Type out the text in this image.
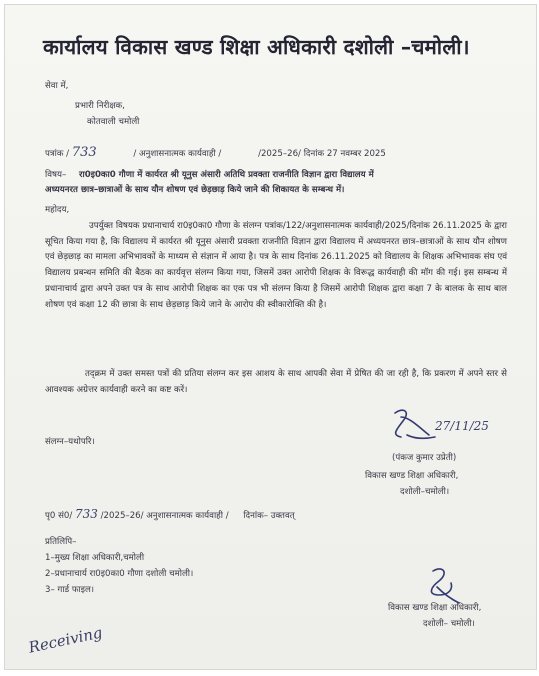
कार्यालय विकास खण्ड शिक्षा अधिकारी दशोली –चमोली।
सेवा में,
प्रभारी निरीक्षक,
कोतवाली चमोली
पत्रांक / 733	/ अनुशासनात्मक कार्यवाही /	/2025–26/ दिनांक 27 नवम्बर 2025
विषय– रा0इ0का0 गौणा में कार्यरत श्री यूनुस अंसारी अतिथि प्रवक्ता राजनीति विज्ञान द्वारा विद्यालय में
अध्ययनरत छात्र–छात्राओं के साथ यौन शोषण एवं छेड़छाड़ किये जाने की शिकायत के सम्बन्ध में।
महोदय,
उपर्युक्त विषयक प्रधानाचार्य रा0इ0का0 गौणा के संलग्न पत्रांक/122/अनुशासनात्मक कार्यवाही/2025/दिनांक 26.11.2025 के द्वारा सूचित किया गया है, कि विद्यालय में कार्यरत श्री यूनुस अंसारी प्रवक्ता राजनीति विज्ञान द्वारा विद्यालय में अध्ययनरत छात्र–छात्राओं के साथ यौन शोषण एवं छेड़छाड़ का मामला अभिभावकों के माध्यम से संज्ञान में आया है। पत्र के साथ दिनांक 26.11.2025 को विद्यालय के शिक्षक अभिभावक संघ एवं विद्यालय प्रबन्धन समिति की बैठक का कार्यवृत्त संलग्न किया गया, जिसमें उक्त आरोपी शिक्षक के विरूद्ध कार्यवाही की मॉग की गई। इस सम्बन्ध में प्रधानाचार्य द्वारा अपने उक्त पत्र के साथ आरोपी शिक्षक का एक पत्र भी संलग्न किया है जिसमें आरोपी शिक्षक द्वारा कक्षा 7 के बालक के साथ बाल शोषण एवं कक्षा 12 की छात्रा के साथ छेड़छाड़ किये जाने के आरोप की स्वीकारोक्ति की है।
तद्क्रम में उक्त समस्त पत्रों की प्रतिया संलग्न कर इस आशय के साथ आपकी सेवा में प्रेषित की जा रही है, कि प्रकरण में अपने स्तर से आवश्यक अग्रेत्तर कार्यवाही करने का कष्ट करें।
संलग्न–यथोपरि।
27/11/25
(पंकज कुमार उप्रेती)
विकास खण्ड शिक्षा अधिकारी,
दशोली–चमोली।
पृ0 सं0/ 733 /2025–26/ अनुशासनात्मक कार्यवाही / दिनांक– उक्तवत्
प्रतिलिपि–
1–मुख्य शिक्षा अधिकारी,चमोली
2–प्रधानाचार्य रा0इ0का0 गौणा दशोली चमोली।
3– गार्ड फाइल।
विकास खण्ड शिक्षा अधिकारी,
दशोली– चमोली।
Receiving
